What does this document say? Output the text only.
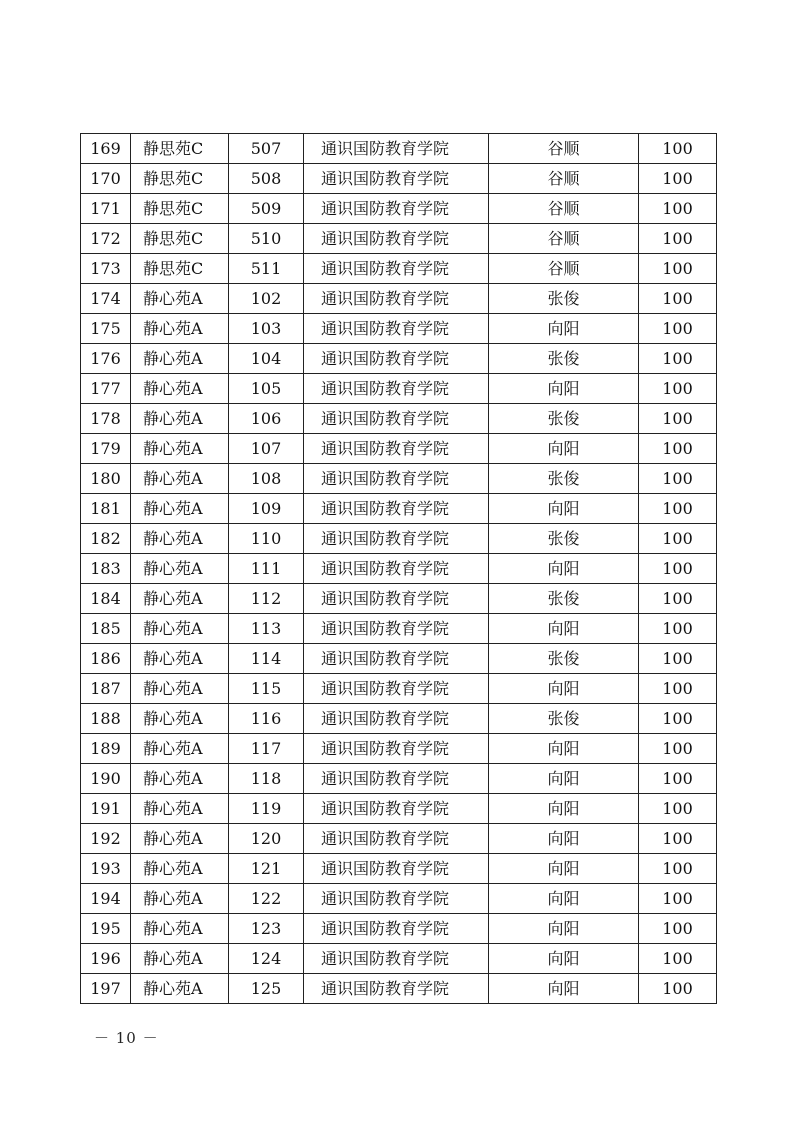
169	静思苑C	507	通识国防教育学院	谷顺	100
170	静思苑C	508	通识国防教育学院	谷顺	100
171	静思苑C	509	通识国防教育学院	谷顺	100
172	静思苑C	510	通识国防教育学院	谷顺	100
173	静思苑C	511	通识国防教育学院	谷顺	100
174	静心苑A	102	通识国防教育学院	张俊	100
175	静心苑A	103	通识国防教育学院	向阳	100
176	静心苑A	104	通识国防教育学院	张俊	100
177	静心苑A	105	通识国防教育学院	向阳	100
178	静心苑A	106	通识国防教育学院	张俊	100
179	静心苑A	107	通识国防教育学院	向阳	100
180	静心苑A	108	通识国防教育学院	张俊	100
181	静心苑A	109	通识国防教育学院	向阳	100
182	静心苑A	110	通识国防教育学院	张俊	100
183	静心苑A	111	通识国防教育学院	向阳	100
184	静心苑A	112	通识国防教育学院	张俊	100
185	静心苑A	113	通识国防教育学院	向阳	100
186	静心苑A	114	通识国防教育学院	张俊	100
187	静心苑A	115	通识国防教育学院	向阳	100
188	静心苑A	116	通识国防教育学院	张俊	100
189	静心苑A	117	通识国防教育学院	向阳	100
190	静心苑A	118	通识国防教育学院	向阳	100
191	静心苑A	119	通识国防教育学院	向阳	100
192	静心苑A	120	通识国防教育学院	向阳	100
193	静心苑A	121	通识国防教育学院	向阳	100
194	静心苑A	122	通识国防教育学院	向阳	100
195	静心苑A	123	通识国防教育学院	向阳	100
196	静心苑A	124	通识国防教育学院	向阳	100
197	静心苑A	125	通识国防教育学院	向阳	100
－ 10 －
